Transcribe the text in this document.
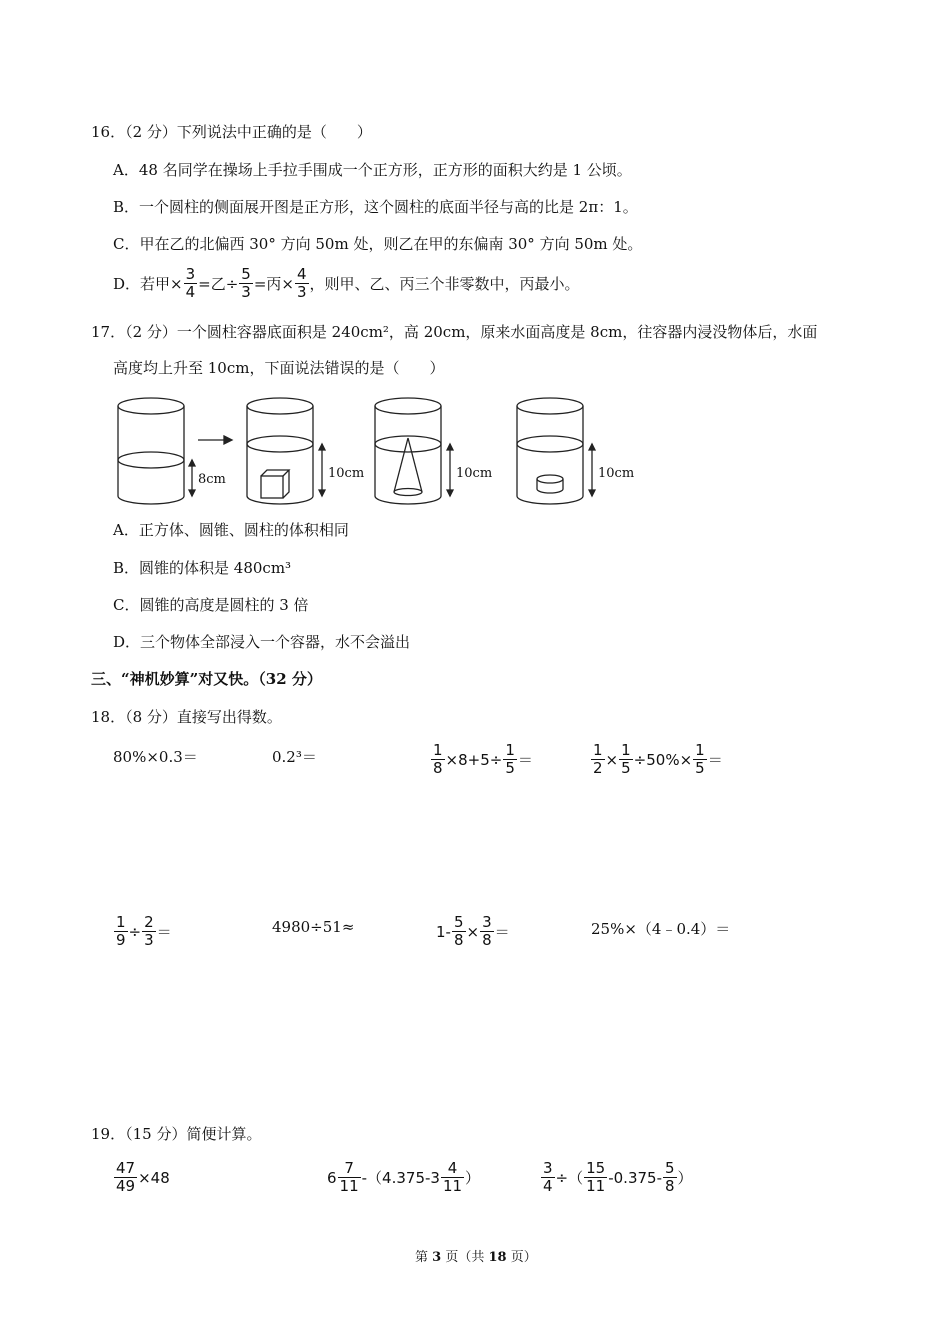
16．（2 分）下列说法中正确的是（　　）
A．48 名同学在操场上手拉手围成一个正方形，正方形的面积大约是 1 公顷。
B．一个圆柱的侧面展开图是正方形，这个圆柱的底面半径与高的比是 2π：1。
C．甲在乙的北偏西 30° 方向 50m 处，则乙在甲的东偏南 30° 方向 50m 处。
D．若甲× $\frac{3}{4}$ =乙÷ $\frac{5}{3}$ =丙× $\frac{4}{3}$ ，则甲、乙、丙三个非零数中，丙最小。
17．（2 分）一个圆柱容器底面积是 240cm²，高 20cm，原来水面高度是 8cm，往容器内浸没物体后，水面
高度均上升至 10cm，下面说法错误的是（　　）
8cm	10cm	10cm	10cm
A．正方体、圆锥、圆柱的体积相同
B．圆锥的体积是 480cm³
C．圆锥的高度是圆柱的 3 倍
D．三个物体全部浸入一个容器，水不会溢出
三、“神机妙算”对又快。（32 分）
18．（8 分）直接写出得数。
80%×0.3＝	0.2³＝	$\frac{1}{8} \times 8+5\div \frac{1}{5}$ ＝	$\frac{1}{2} \times \frac{1}{5} \div 50\%\times \frac{1}{5}$ ＝
$\frac{1}{9} \div \frac{2}{3}$ ＝	4980÷51≈	$1- \frac{5}{8} \times \frac{3}{8}$ ＝	25%×（4﹣0.4）＝
19．（15 分）简便计算。
$\frac{47}{49} \times 48$	$6 \frac{7}{11} -(4.375-3 \frac{4}{11}$ ）	$\frac{3}{4}$ ÷（ $\frac{15}{11} -0.375- \frac{5}{8}$ ）
第 3 页（共 18 页）
